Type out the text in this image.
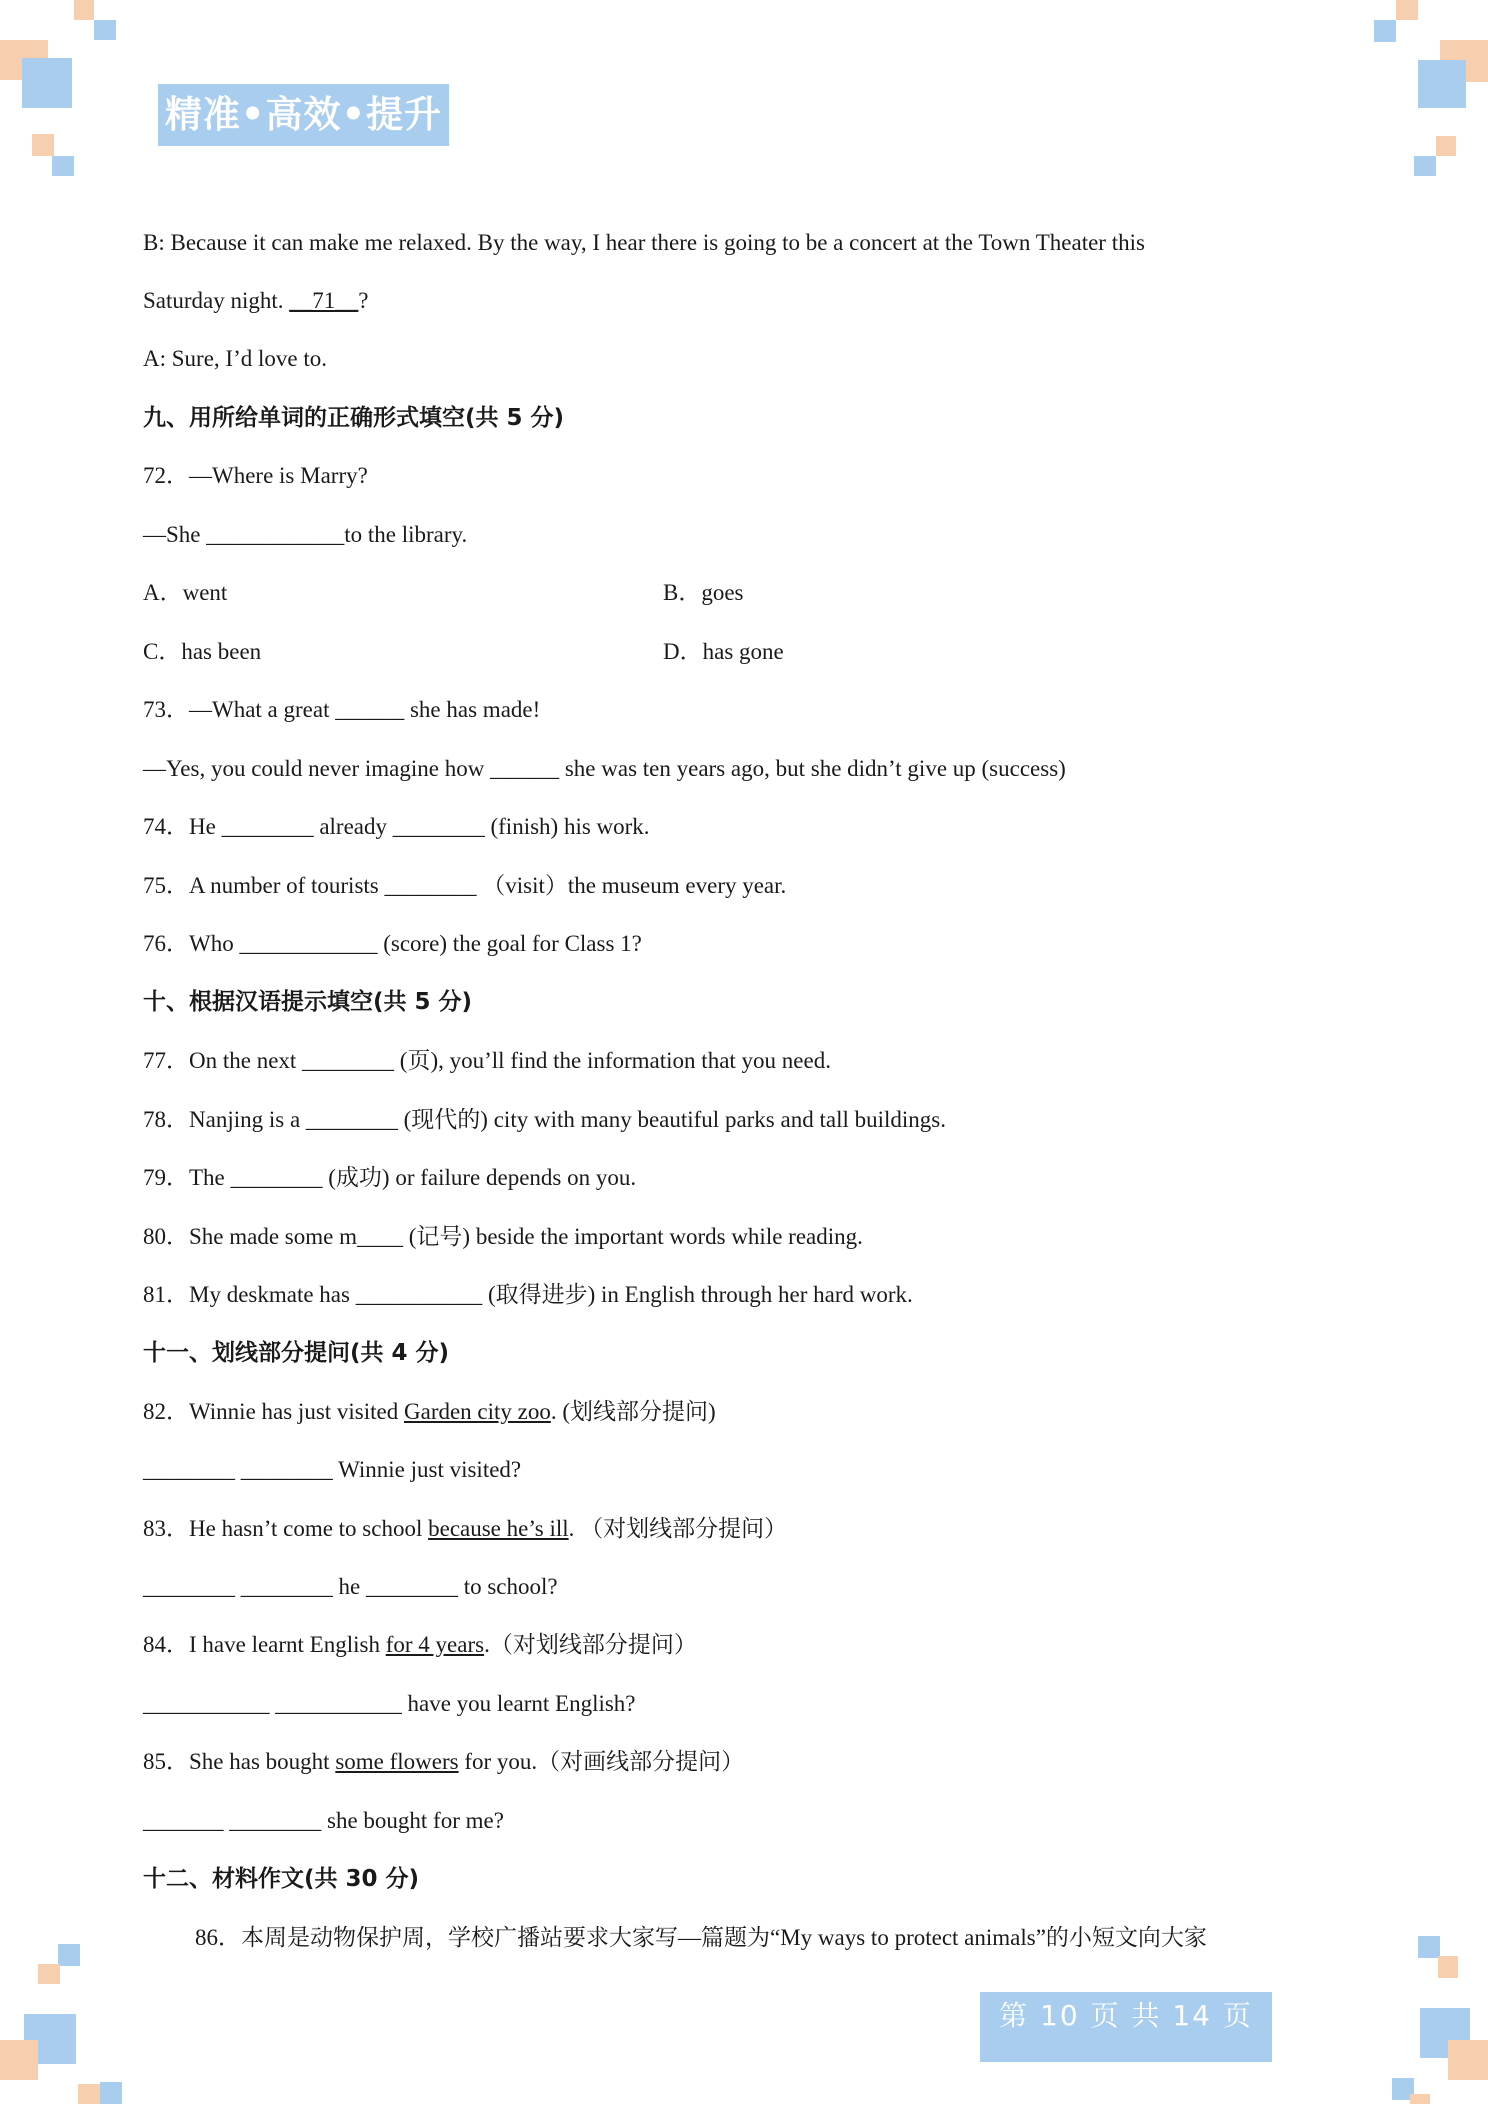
精准•高效•提升
B: Because it can make me relaxed. By the way, I hear there is going to be a concert at the Town Theater this
Saturday night. __71__?
A: Sure, I’d love to.
九、用所给单词的正确形式填空(共 5 分)
72．—Where is Marry?
—She ____________to the library.
A．went	B．goes
C．has been	D．has gone
73．—What a great ______ she has made!
—Yes, you could never imagine how ______ she was ten years ago, but she didn’t give up (success)
74．He ________ already ________ (finish) his work.
75．A number of tourists ________ （visit）the museum every year.
76．Who ____________ (score) the goal for Class 1?
十、根据汉语提示填空(共 5 分)
77．On the next ________ (页), you’ll find the information that you need.
78．Nanjing is a ________ (现代的) city with many beautiful parks and tall buildings.
79．The ________ (成功) or failure depends on you.
80．She made some m____ (记号) beside the important words while reading.
81．My deskmate has ___________ (取得进步) in English through her hard work.
十一、划线部分提问(共 4 分)
82．Winnie has just visited Garden city zoo. (划线部分提问)
________ ________ Winnie just visited?
83．He hasn’t come to school because he’s ill. （对划线部分提问）
________ ________ he ________ to school?
84．I have learnt English for 4 years.（对划线部分提问）
___________ ___________ have you learnt English?
85．She has bought some flowers for you.（对画线部分提问）
_______ ________ she bought for me?
十二、材料作文(共 30 分)
86．本周是动物保护周，学校广播站要求大家写—篇题为“My ways to protect animals”的小短文向大家
第 10 页 共 14 页
